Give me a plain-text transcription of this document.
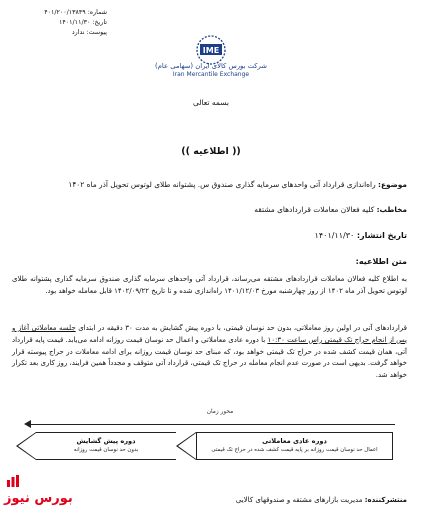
شماره: ۴۰۱/۲۰۰/۱۳۸۴۹
تاریخ: ۱۴۰۱/۱۱/۳۰
پیوست: ندارد
IME
شرکت بورس کالای ایران (سهامی عام)
Iran Mercantile Exchange
بسمه تعالی
(( اطلاعیه ))
موضوع: راه‌اندازی قرارداد آتی واحدهای سرمایه گذاری صندوق س. پشتوانه طلای لوتوس تحویل آذر ماه ۱۴۰۲
مخاطب: کلیه فعالان معاملات قراردادهای مشتقه
تاریخ انتشار: ۱۴۰۱/۱۱/۳۰
متن اطلاعیه:
به اطلاع کلیه فعالان معاملات قراردادهای مشتقه می‌رساند، قرارداد آتی واحدهای سرمایه گذاری صندوق سرمایه گذاری پشتوانه طلای لوتوس تحویل آذر ماه ۱۴۰۲ از روز چهارشنبه مورخ ۱۴۰۱/۱۲/۰۳ راه‌اندازی شده و تا تاریخ ۱۴۰۲/۰۹/۲۲ قابل معامله خواهد بود.
قراردادهای آتی در اولین روز معاملاتی، بدون حد نوسان قیمتی، با دوره پیش گشایش به مدت ۳۰ دقیقه در ابتدای جلسه معاملاتی آغاز و پس از انجام حراج تک قیمتی راس ساعت ۱۰:۳۰ با دوره عادی معاملاتی و اعمال حد نوسان قیمت روزانه ادامه می‌یابد. قیمت پایه قرارداد آتی، همان قیمت کشف شده در حراج تک قیمتی خواهد بود، که مبنای حد نوسان قیمت روزانه برای ادامه معاملات در حراج پیوسته قرار خواهد گرفت. بدیهی است در صورت عدم انجام معامله در حراج تک قیمتی، قرارداد آتی متوقف و مجدداً همین فرایند، روز کاری بعد تکرار خواهد شد.
محور زمان
دوره عادی معاملاتی
اعمال حد نوسان قیمت روزانه بر پایه قیمت کشف شده در حراج تک قیمتی
دوره پیش گشایش
بدون حد نوسان قیمت روزانه
منتشرکننده: مدیریت بازارهای مشتقه و صندوقهای کالایی
بورس نیوز
